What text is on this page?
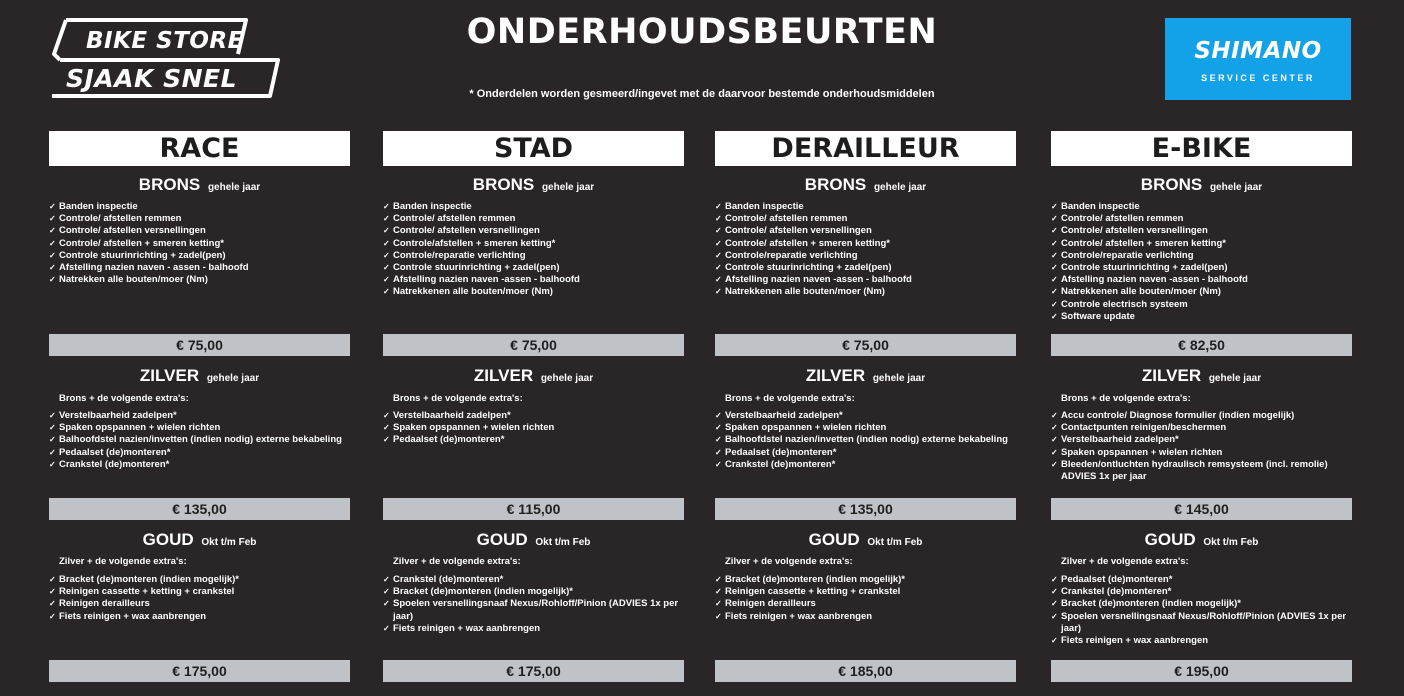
BIKE STORE
SJAAK SNEL
ONDERHOUDSBEURTEN
* Onderdelen worden gesmeerd/ingevet met de daarvoor bestemde onderhoudsmiddelen
SHIMANO
SERVICE CENTER
RACE
BRONS gehele jaar
✓ Banden inspectie
✓ Controle/ afstellen remmen
✓ Controle/ afstellen versnellingen
✓ Controle/ afstellen + smeren ketting*
✓ Controle stuurinrichting + zadel(pen)
✓ Afstelling nazien naven - assen - balhoofd
✓ Natrekken alle bouten/moer (Nm)
€ 75,00
ZILVER gehele jaar
Brons + de volgende extra's:
✓ Verstelbaarheid zadelpen*
✓ Spaken opspannen + wielen richten
✓ Balhoofdstel nazien/invetten (indien nodig) externe bekabeling
✓ Pedaalset (de)monteren*
✓ Crankstel (de)monteren*
€ 135,00
GOUD Okt t/m Feb
Zilver + de volgende extra's:
✓ Bracket (de)monteren (indien mogelijk)*
✓ Reinigen cassette + ketting + crankstel
✓ Reinigen derailleurs
✓ Fiets reinigen + wax aanbrengen
€ 175,00
STAD
BRONS gehele jaar
✓ Banden inspectie
✓ Controle/ afstellen remmen
✓ Controle/ afstellen versnellingen
✓ Controle/afstellen + smeren ketting*
✓ Controle/reparatie verlichting
✓ Controle stuurinrichting + zadel(pen)
✓ Afstelling nazien naven -assen - balhoofd
✓ Natrekkenen alle bouten/moer (Nm)
€ 75,00
ZILVER gehele jaar
Brons + de volgende extra's:
✓ Verstelbaarheid zadelpen*
✓ Spaken opspannen + wielen richten
✓ Pedaalset (de)monteren*
€ 115,00
GOUD Okt t/m Feb
Zilver + de volgende extra's:
✓ Crankstel (de)monteren*
✓ Bracket (de)monteren (indien mogelijk)*
✓ Spoelen versnellingsnaaf Nexus/Rohloff/Pinion (ADVIES 1x per jaar)
✓ Fiets reinigen + wax aanbrengen
€ 175,00
DERAILLEUR
BRONS gehele jaar
✓ Banden inspectie
✓ Controle/ afstellen remmen
✓ Controle/ afstellen versnellingen
✓ Controle/ afstellen + smeren ketting*
✓ Controle/reparatie verlichting
✓ Controle stuurinrichting + zadel(pen)
✓ Afstelling nazien naven -assen - balhoofd
✓ Natrekkenen alle bouten/moer (Nm)
€ 75,00
ZILVER gehele jaar
Brons + de volgende extra's:
✓ Verstelbaarheid zadelpen*
✓ Spaken opspannen + wielen richten
✓ Balhoofdstel nazien/invetten (indien nodig) externe bekabeling
✓ Pedaalset (de)monteren*
✓ Crankstel (de)monteren*
€ 135,00
GOUD Okt t/m Feb
Zilver + de volgende extra's:
✓ Bracket (de)monteren (indien mogelijk)*
✓ Reinigen cassette + ketting + crankstel
✓ Reinigen derailleurs
✓ Fiets reinigen + wax aanbrengen
€ 185,00
E-BIKE
BRONS gehele jaar
✓ Banden inspectie
✓ Controle/ afstellen remmen
✓ Controle/ afstellen versnellingen
✓ Controle/ afstellen + smeren ketting*
✓ Controle/reparatie verlichting
✓ Controle stuurinrichting + zadel(pen)
✓ Afstelling nazien naven -assen - balhoofd
✓ Natrekkenen alle bouten/moer (Nm)
✓ Controle electrisch systeem
✓ Software update
€ 82,50
ZILVER gehele jaar
Brons + de volgende extra's:
✓ Accu controle/ Diagnose formulier (indien mogelijk)
✓ Contactpunten reinigen/beschermen
✓ Verstelbaarheid zadelpen*
✓ Spaken opspannen + wielen richten
✓ Bleeden/ontluchten hydraulisch remsysteem (incl. remolie) ADVIES 1x per jaar
€ 145,00
GOUD Okt t/m Feb
Zilver + de volgende extra's:
✓ Pedaalset (de)monteren*
✓ Crankstel (de)monteren*
✓ Bracket (de)monteren (indien mogelijk)*
✓ Spoelen versnellingsnaaf Nexus/Rohloff/Pinion (ADVIES 1x per jaar)
✓ Fiets reinigen + wax aanbrengen
€ 195,00
